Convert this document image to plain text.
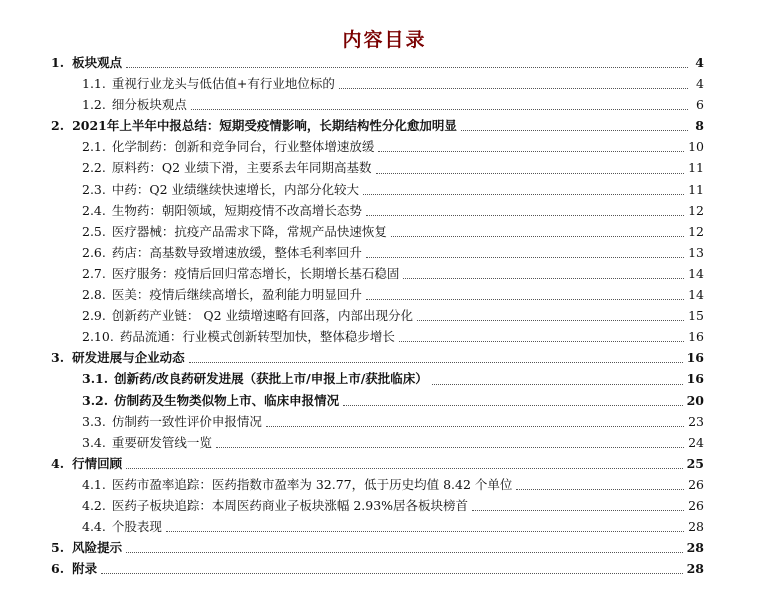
内容目录
1. 板块观点	4
1.1. 重视行业龙头与低估值+有行业地位标的	4
1.2. 细分板块观点	6
2. 2021年上半年中报总结：短期受疫情影响，长期结构性分化愈加明显	8
2.1. 化学制药：创新和竞争同台，行业整体增速放缓	10
2.2. 原料药：Q2 业绩下滑，主要系去年同期高基数	11
2.3. 中药：Q2 业绩继续快速增长，内部分化较大	11
2.4. 生物药：朝阳领域，短期疫情不改高增长态势	12
2.5. 医疗器械：抗疫产品需求下降，常规产品快速恢复	12
2.6. 药店：高基数导致增速放缓，整体毛利率回升	13
2.7. 医疗服务：疫情后回归常态增长，长期增长基石稳固	14
2.8. 医美：疫情后继续高增长，盈利能力明显回升	14
2.9. 创新药产业链： Q2 业绩增速略有回落，内部出现分化	15
2.10. 药品流通：行业模式创新转型加快，整体稳步增长	16
3. 研发进展与企业动态	16
3.1. 创新药/改良药研发进展（获批上市/申报上市/获批临床）	16
3.2. 仿制药及生物类似物上市、临床申报情况	20
3.3. 仿制药一致性评价申报情况	23
3.4. 重要研发管线一览	24
4. 行情回顾	25
4.1. 医药市盈率追踪：医药指数市盈率为 32.77，低于历史均值 8.42 个单位	26
4.2. 医药子板块追踪：本周医药商业子板块涨幅 2.93%居各板块榜首	26
4.4. 个股表现	28
5. 风险提示	28
6. 附录	28
